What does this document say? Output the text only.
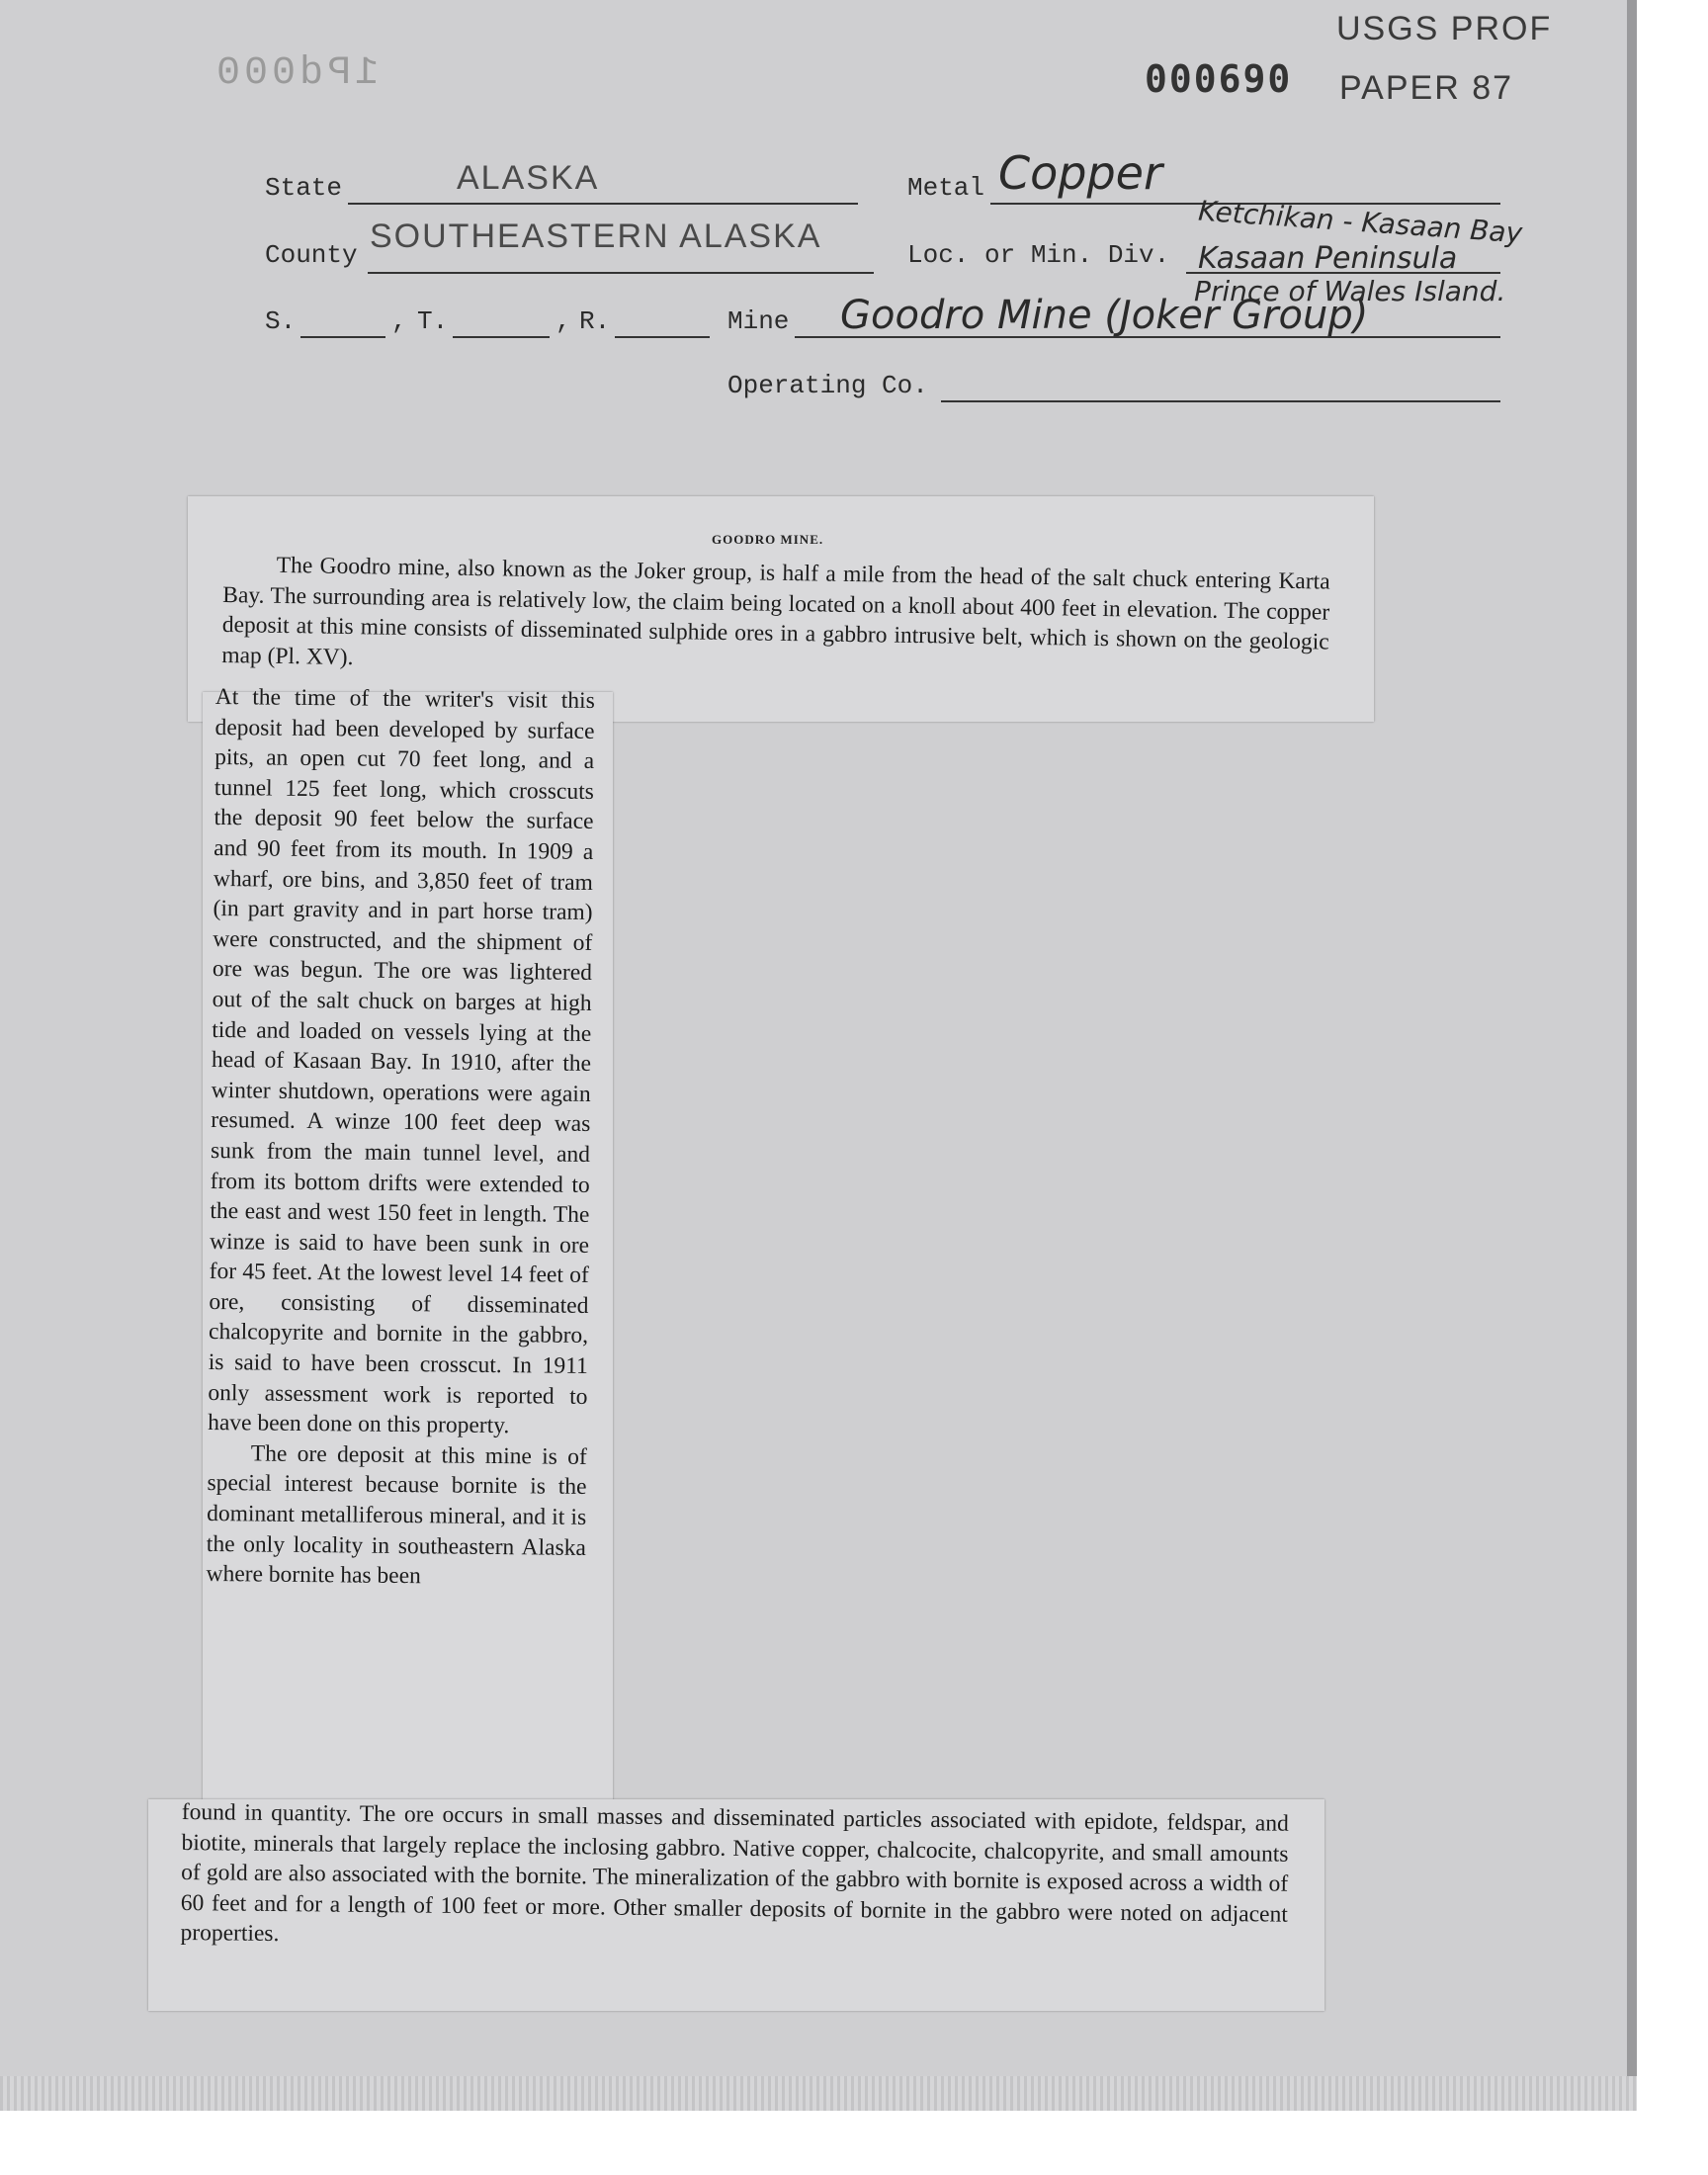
1Pd000	000690
USGS PROF
PAPER 87
State	ALASKA	Metal Copper
County SOUTHEASTERN ALASKA	Loc. or Min. Div.
Ketchikan - Kasaan Bay
Kasaan Peninsula
Prince of Wales Island.
S.	, T.	, R.	Mine Goodro Mine (Joker Group)
Operating Co.
GOODRO MINE.

The Goodro mine, also known as the Joker group, is half a mile from the head of the salt chuck entering Karta Bay. The surrounding area is relatively low, the claim being located on a knoll about 400 feet in elevation. The copper deposit at this mine consists of disseminated sulphide ores in a gabbro intrusive belt, which is shown on the geologic map (Pl. XV).

At the time of the writer's visit this deposit had been developed by surface pits, an open cut 70 feet long, and a tunnel 125 feet long, which crosscuts the deposit 90 feet below the surface and 90 feet from its mouth. In 1909 a wharf, ore bins, and 3,850 feet of tram (in part gravity and in part horse tram) were constructed, and the shipment of ore was begun. The ore was lightered out of the salt chuck on barges at high tide and loaded on vessels lying at the head of Kasaan Bay. In 1910, after the winter shutdown, operations were again resumed. A winze 100 feet deep was sunk from the main tunnel level, and from its bottom drifts were extended to the east and west 150 feet in length. The winze is said to have been sunk in ore for 45 feet. At the lowest level 14 feet of ore, consisting of disseminated chalcopyrite and bornite in the gabbro, is said to have been crosscut. In 1911 only assessment work is reported to have been done on this property.

The ore deposit at this mine is of special interest because bornite is the dominant metalliferous mineral, and it is the only locality in southeastern Alaska where bornite has been

found in quantity. The ore occurs in small masses and disseminated particles associated with epidote, feldspar, and biotite, minerals that largely replace the inclosing gabbro. Native copper, chalcocite, chalcopyrite, and small amounts of gold are also associated with the bornite. The mineralization of the gabbro with bornite is exposed across a width of 60 feet and for a length of 100 feet or more. Other smaller deposits of bornite in the gabbro were noted on adjacent properties.
